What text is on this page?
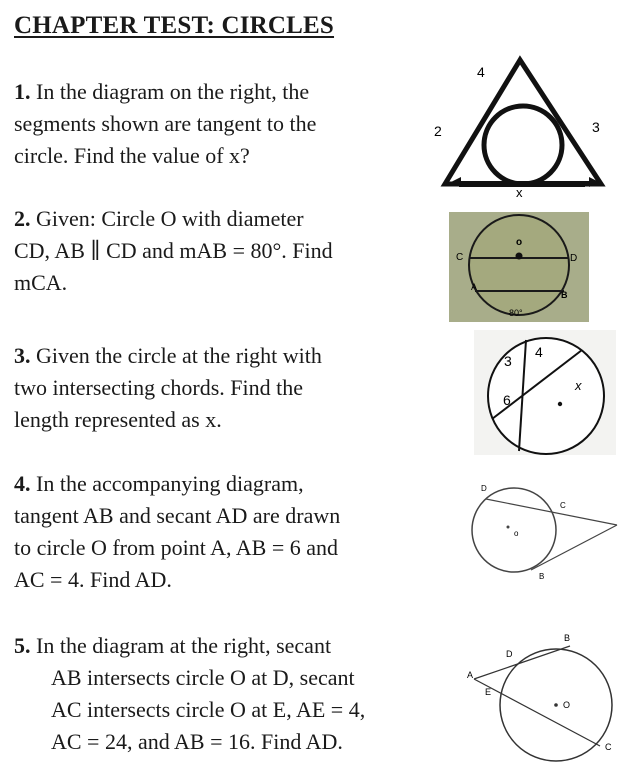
CHAPTER TEST: CIRCLES
1. In the diagram on the right, the
segments shown are tangent to the
circle. Find the value of x?
2. Given: Circle O with diameter
CD, AB ∥ CD and mAB = 80°. Find
mCA.
3. Given the circle at the right with
two intersecting chords. Find the
length represented as x.
4. In the accompanying diagram,
tangent AB and secant AD are drawn
to circle O from point A, AB = 6 and
AC = 4. Find AD.
5. In the diagram at the right, secant
AB intersects circle O at D, secant
AC intersects circle O at E, AE = 4,
AC = 24, and AB = 16. Find AD.
4
2	3
x
o
C	D
A
B
80°
3
4
6
x
D
C
o
B
B
D
A
E
O
C
